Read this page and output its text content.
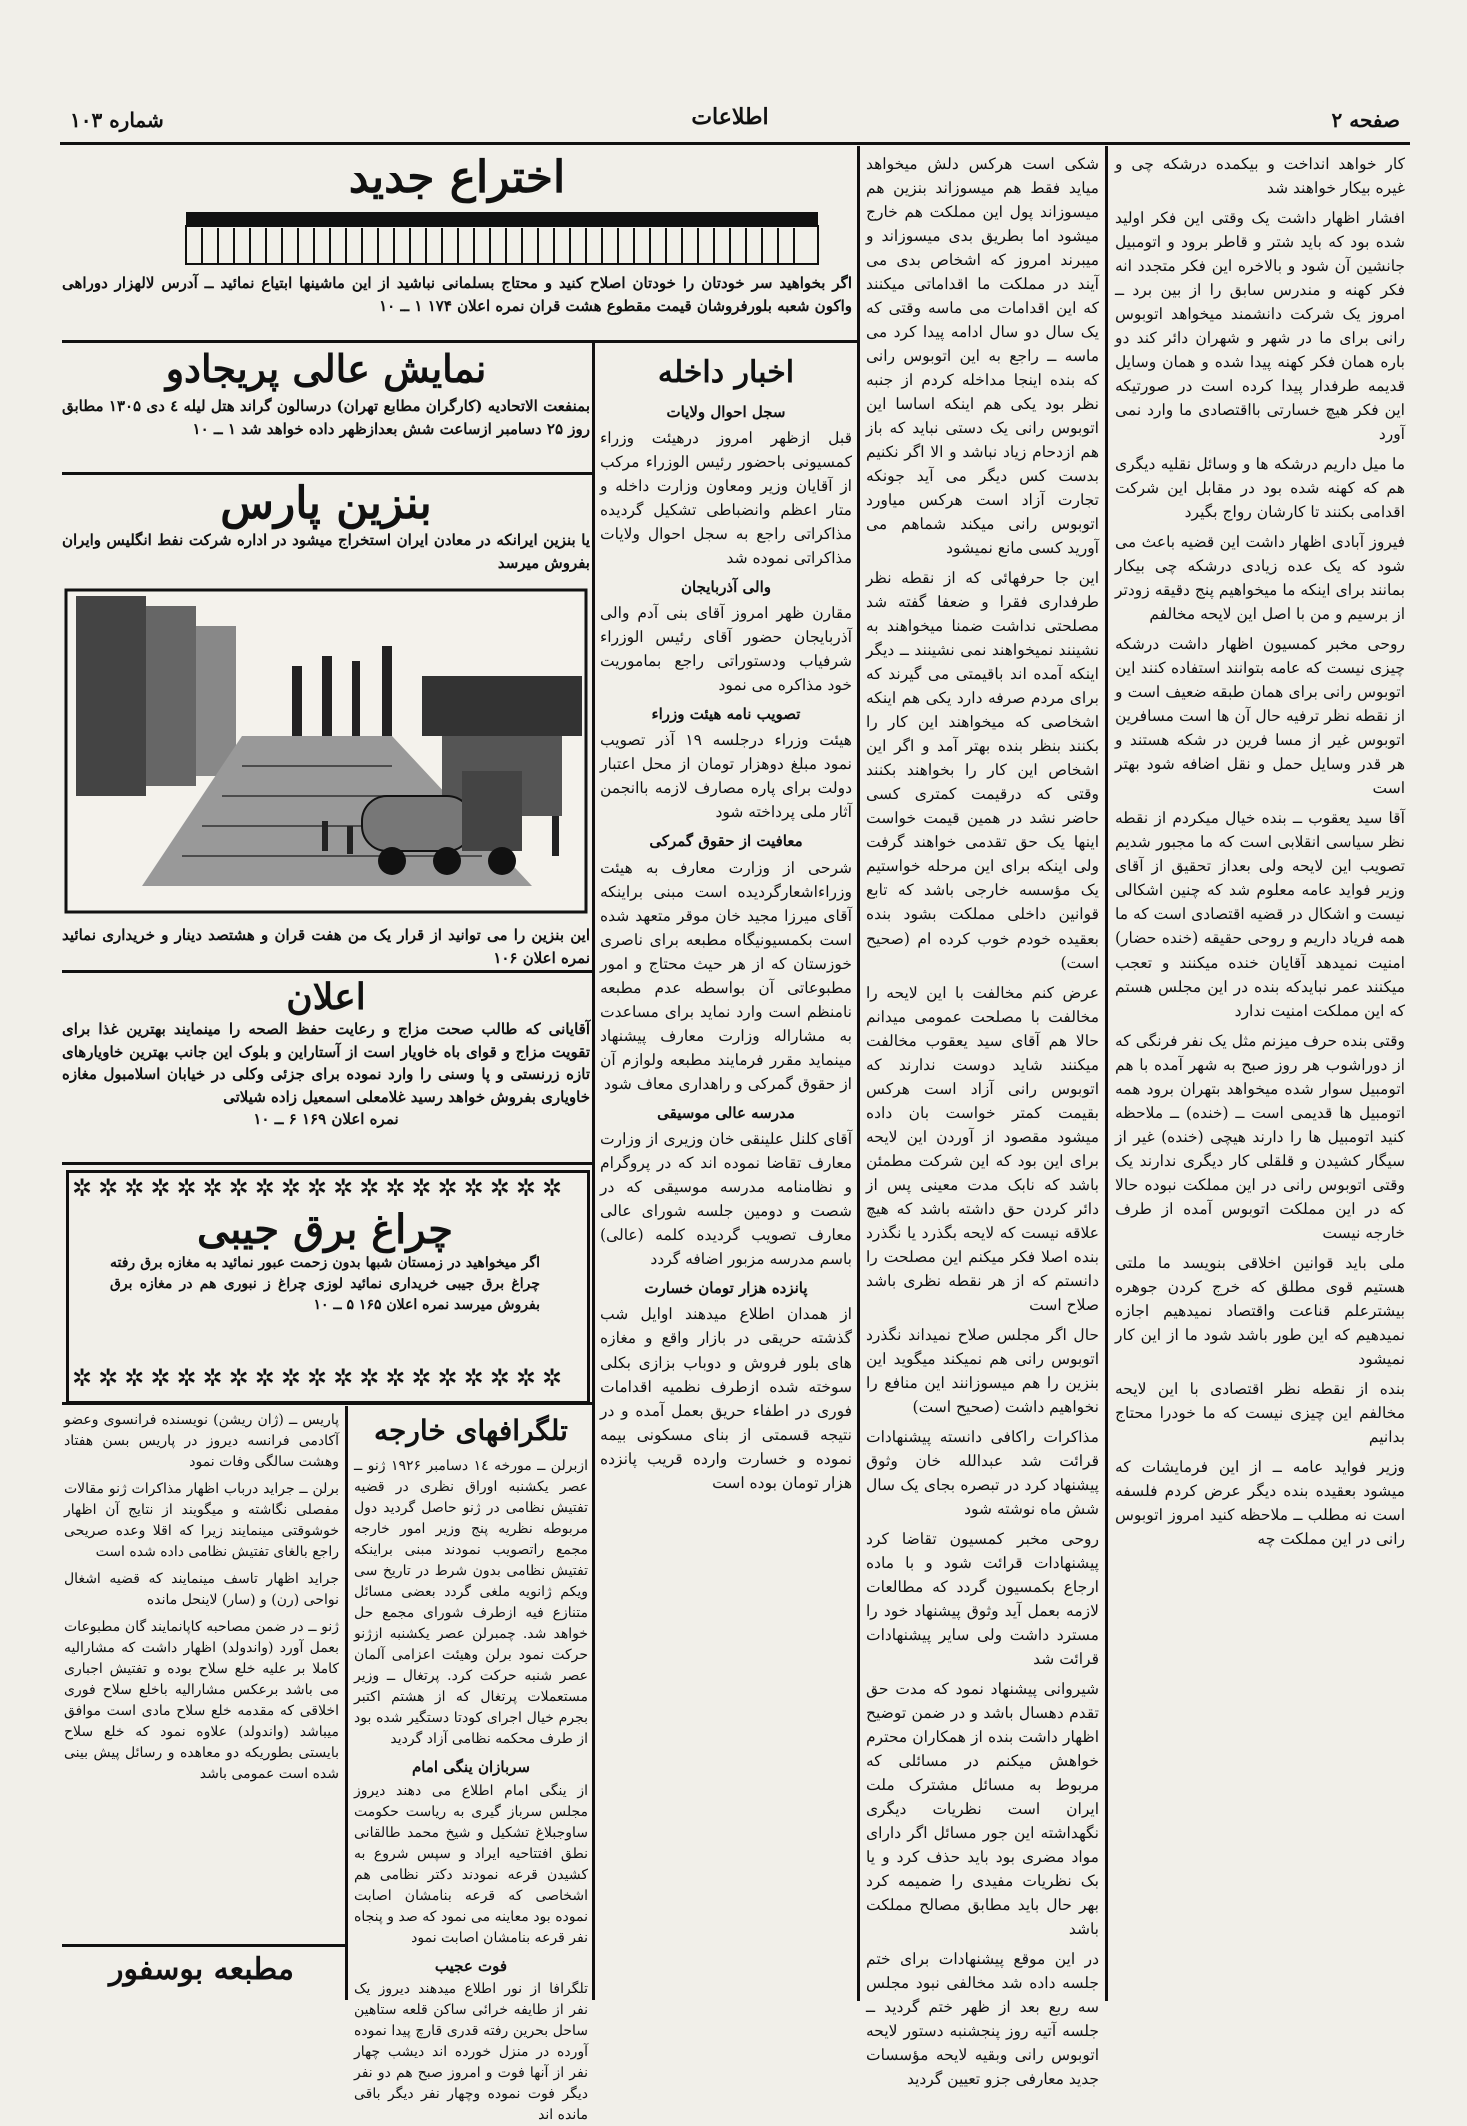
شماره ۱۰۳	اطلاعات	صفحه ۲

کار خواهد انداخت و بیکمده درشکه چی و غیره بیکار خواهند شد

افشار اظهار داشت یک وقتی این فکر اولید شده بود که باید شتر و قاطر برود و اتومبیل جانشین آن شود و بالاخره این فکر متجدد انه فکر کهنه و مندرس سابق را از بین برد ــ امروز یک شرکت دانشمند میخواهد اتوبوس رانی برای ما در شهر و شهران دائر کند دو باره همان فکر کهنه پیدا شده و همان وسایل قدیمه طرفدار پیدا کرده است در صورتیکه این فکر هیچ خسارتی بااقتصادی ما وارد نمی آورد

ما میل داریم درشکه ها و وسائل نقلیه دیگری هم که کهنه شده بود در مقابل این شرکت اقدامی بکنند تا کارشان رواج بگیرد

فیروز آبادی اظهار داشت این قضیه باعث می شود که یک عده زیادی درشکه چی بیکار بمانند برای اینکه ما میخواهیم پنج دقیقه زودتر از برسیم و من با اصل این لایحه مخالفم

روحی مخبر کمسیون اظهار داشت درشکه چیزی نیست که عامه بتوانند استفاده کنند این اتوبوس رانی برای همان طبقه ضعیف است و از نقطه نظر ترفیه حال آن ها است مسافرین اتوبوس غیر از مسا فرین در شکه هستند و هر قدر وسایل حمل و نقل اضافه شود بهتر است

آقا سید یعقوب ــ بنده خیال میکردم از نقطه نظر سیاسی انقلابی است که ما مجبور شدیم تصویب این لایحه ولی بعداز تحقیق از آقای وزیر فواید عامه معلوم شد که چنین اشکالی نیست و اشکال در قضیه اقتصادی است که ما همه فریاد داریم و روحی حقیقه (خنده حضار) امنیت نمیدهد آقایان خنده میکنند و تعجب میکنند عمر نبایدکه بنده در این مجلس هستم که این مملکت امنیت ندارد

وقتی بنده حرف میزنم مثل یک نفر فرنگی که از دوراشوب هر روز صبح به شهر آمده با هم اتومبیل سوار شده میخواهد بتهران برود همه اتومبیل ها قدیمی است ــ (خنده) ــ ملاحظه کنید اتومبیل ها را دارند هیچی (خنده) غیر از سیگار کشیدن و قلقلی کار دیگری ندارند یک وقتی اتوبوس رانی در این مملکت نبوده حالا که در این مملکت اتوبوس آمده از طرف خارجه نیست

ملی باید قوانین اخلاقی بنویسد ما ملتی هستیم قوی مطلق که خرج کردن جوهره بیشترعلم قناعت واقتصاد نمیدهیم اجازه نمیدهیم که این طور باشد شود ما از این کار نمیشود

بنده از نقطه نظر اقتصادی با این لایحه مخالفم این چیزی نیست که ما خودرا محتاج بدانیم

وزیر فواید عامه ــ از این فرمایشات که میشود بعقیده بنده دیگر عرض کردم فلسفه است نه مطلب ــ ملاحظه کنید امروز اتوبوس رانی در این مملکت چه

شکی است هرکس دلش میخواهد میاید فقط هم میسوزاند بنزین هم میسوزاند پول این مملکت هم خارج میشود اما بطریق بدی میسوزاند و میبرند امروز که اشخاص بدی می آیند در مملکت ما اقداماتی میکنند که این اقدامات می ماسه وقتی که یک سال دو سال ادامه پیدا کرد می ماسه ــ راجع به این اتوبوس رانی که بنده اینجا مداخله کردم از جنبه نظر بود یکی هم اینکه اساسا این اتوبوس رانی یک دستی نباید که باز هم ازدحام زیاد نباشد و الا اگر نکنیم بدست کس دیگر می آید جونکه تجارت آزاد است هرکس میاورد اتوبوس رانی میکند شماهم می آورید کسی مانع نمیشود

این جا حرفهائی که از نقطه نظر طرفداری فقرا و ضعفا گفته شد مصلحتی نداشت ضمنا میخواهند به نشینند نمیخواهند نمی نشینند ــ دیگر اینکه آمده اند باقیمتی می گیرند که برای مردم صرفه دارد یکی هم اینکه اشخاصی که میخواهند این کار را بکنند بنظر بنده بهتر آمد و اگر این اشخاص این کار را بخواهند بکنند وقتی که درقیمت کمتری کسی حاضر نشد در همین قیمت خواست اینها یک حق تقدمی خواهند گرفت ولی اینکه برای این مرحله خواستیم یک مؤسسه خارجی باشد که تابع قوانین داخلی مملکت بشود بنده بعقیده خودم خوب کرده ام (صحیح است)

عرض کنم مخالفت با این لایحه را مخالفت با مصلحت عمومی میدانم حالا هم آقای سید یعقوب مخالفت میکنند شاید دوست ندارند که اتوبوس رانی آزاد است هرکس بقیمت کمتر خواست بان داده میشود مقصود از آوردن این لایحه برای این بود که این شرکت مطمئن باشد که نابک مدت معینی پس از دائر کردن حق داشته باشد که هیچ علاقه نیست که لایحه بگذرد یا نگذرد بنده اصلا فکر میکنم این مصلحت را دانستم که از هر نقطه نظری باشد صلاح است

حال اگر مجلس صلاح نمیداند نگذرد اتوبوس رانی هم نمیکند میگوید این بنزین را هم میسوزانند این منافع را نخواهیم داشت (صحیح است)

مذاکرات راکافی دانسته پیشنهادات قرائت شد عبدالله خان وثوق پیشنهاد کرد در تبصره بجای یک سال شش ماه نوشته شود

روحی مخبر کمسیون تقاضا کرد پیشنهادات قرائت شود و با ماده ارجاع بکمسیون گردد که مطالعات لازمه بعمل آید وثوق پیشنهاد خود را مسترد داشت ولی سایر پیشنهادات قرائت شد

شیروانی پیشنهاد نمود که مدت حق تقدم دهسال باشد و در ضمن توضیح اظهار داشت بنده از همکاران محترم خواهش میکنم در مسائلی که مربوط به مسائل مشترک ملت ایران است نظریات دیگری نگهداشته این جور مسائل اگر دارای مواد مضری بود باید حذف کرد و یا بک نظریات مفیدی را ضمیمه کرد بهر حال باید مطابق مصالح مملکت باشد

در این موقع پیشنهادات برای ختم جلسه داده شد مخالفی نبود مجلس سه ربع بعد از ظهر ختم گردید ــ جلسه آتیه روز پنجشنبه دستور لایحه اتوبوس رانی وبقیه لایحه مؤسسات جدید معارفی جزو تعیین گردید

اختراع جدید
اگر بخواهید سر خودتان را خودتان اصلاح کنید و محتاج بسلمانی نباشید از این ماشینها ابتیاع نمائید ــ آدرس لالهزار دوراهی واکون شعبه بلورفروشان قیمت مقطوع هشت قران نمره اعلان ۱۷۴ ۱ ــ ۱۰
نمایش عالی پریجادو
بمنفعت الاتحادیه (کارگران مطابع تهران) درسالون گراند هتل لیله ٤ دی ۱۳۰۵ مطابق روز ۲۵ دسامبر ازساعت شش بعدازظهر داده خواهد شد ۱ ــ ۱۰
بنزین پارس
یا بنزین ایرانکه در معادن ایران استخراج میشود در اداره شرکت نفط انگلیس وایران بفروش میرسد
این بنزین را می توانید از قرار یک من هفت قران و هشتصد دینار و خریداری نمائید نمره اعلان ۱۰۶
اعلان
آقایانی که طالب صحت مزاج و رعایت حفظ الصحه را مینمایند بهترین غذا برای تقویت مزاج و قوای باه خاویار است از آستاراین و بلوک این جانب بهترین خاویارهای تازه زرنستی و پا وسنی را وارد نموده برای جزئی وکلی در خیابان اسلامبول مغازه خاویاری بفروش خواهد رسید غلامعلی اسمعیل زاده شیلاتی
نمره اعلان ۱۶۹ ۶ ــ ۱۰
✲✲✲✲✲✲✲✲✲✲✲✲✲✲✲✲✲✲✲
✲✲✲✲✲✲✲✲✲✲✲✲✲✲✲✲✲✲✲
چراغ برق جیبی
اگر میخواهید در زمستان شبها بدون زحمت عبور نمائید به مغازه برق رفته چراغ برق جیبی خریداری نمائید لوزی چراغ ز نبوری هم در مغازه برق بفروش میرسد نمره اعلان ۱۶۵ ۵ ــ ۱۰
اخبار داخله
سجل احوال ولایات

قبل ازظهر امروز درهیئت وزراء کمسیونی باحضور رئیس الوزراء مرکب از آقایان وزیر ومعاون وزارت داخله و متار اعظم وانضباطی تشکیل گردیده مذاکراتی راجع به سجل احوال ولایات مذاکراتی نموده شد

والی آذربایجان

مقارن ظهر امروز آقای بنی آدم والی آذربایجان حضور آقای رئیس الوزراء شرفیاب ودستوراتی راجع بماموریت خود مذاکره می نمود

تصویب نامه هیئت وزراء

هیئت وزراء درجلسه ۱۹ آذر تصویب نمود مبلغ دوهزار تومان از محل اعتبار دولت برای پاره مصارف لازمه باانجمن آثار ملی پرداخته شود

معافیت از حقوق گمرکی

شرحی از وزارت معارف به هیئت وزراءاشعارگردیده است مبنی براینکه آقای میرزا مجید خان موقر متعهد شده است بکمسیونیگاه مطبعه برای ناصری خوزستان که از هر حیث محتاج و امور مطبوعاتی آن بواسطه عدم مطبعه نامنظم است وارد نماید برای مساعدت به مشاراله وزارت معارف پیشنهاد مینماید مقرر فرمایند مطبعه ولوازم آن از حقوق گمرکی و راهداری معاف شود

مدرسه عالی موسیقی

آقای کلنل علینقی خان وزیری از وزارت معارف تقاضا نموده اند که در پروگرام و نظامنامه مدرسه موسیقی که در شصت و دومین جلسه شورای عالی معارف تصویب گردیده کلمه (عالی) باسم مدرسه مزبور اضافه گردد

پانزده هزار تومان خسارت

از همدان اطلاع میدهند اوایل شب گذشته حریقی در بازار واقع و مغازه های بلور فروش و دوباب بزازی بکلی سوخته شده ازطرف نظمیه اقدامات فوری در اطفاء حریق بعمل آمده و در نتیجه قسمتی از بنای مسکونی بیمه نموده و خسارت وارده قریب پانزده هزار تومان بوده است

تلگرافهای خارجه

ازبرلن ــ مورخه ۱٤ دسامبر ۱۹۲۶ ژنو ــ عصر یکشنبه اوراق نظری در قضیه تفتیش نظامی در ژنو حاصل گردید دول مربوطه نظریه پنج وزیر امور خارجه مجمع راتصویب نمودند مبنی براینکه تفتیش نظامی بدون شرط در تاریخ سی ویکم ژانویه ملغی گردد بعضی مسائل متنازع فیه ازطرف شورای مجمع حل خواهد شد. چمبرلن عصر یکشنبه ازژنو حرکت نمود برلن وهیئت اعزامی آلمان عصر شنبه حرکت کرد. پرتغال ــ وزیر مستعملات پرتغال که از هشتم اکتبر بجرم خیال اجرای کودتا دستگیر شده بود از طرف محکمه نظامی آزاد گردید

سربازان ینگی امام

از ینگی امام اطلاع می دهند دیروز مجلس سرباز گیری به ریاست حکومت ساوجبلاغ تشکیل و شیخ محمد طالقانی نطق افتتاحیه ایراد و سپس شروع به کشیدن قرعه نمودند دکتر نظامی هم اشخاصی که قرعه بنامشان اصابت نموده بود معاینه می نمود که صد و پنجاه نفر قرعه بنامشان اصابت نمود

فوت عجیب

تلگرافا از نور اطلاع میدهند دیروز یک نفر از طایفه خرائی ساکن قلعه ستاهین ساحل بحرین رفته قدری قارچ پیدا نموده آورده در منزل خورده اند دیشب چهار نفر از آنها فوت و امروز صبح هم دو نفر دیگر فوت نموده وچهار نفر دیگر باقی مانده اند

پاریس ــ (ژان ریشن) نویسنده فرانسوی وعضو آکادمی فرانسه دیروز در پاریس بسن هفتاد وهشت سالگی وفات نمود

برلن ــ جراید درباب اظهار مذاکرات ژنو مقالات مفصلی نگاشته و میگویند از نتایج آن اظهار خوشوقتی مینمایند زیرا که اقلا وعده صریحی راجع بالغای تفتیش نظامی داده شده است

جراید اظهار تاسف مینمایند که قضیه اشغال نواحی (رن) و (سار) لاینحل مانده

ژنو ــ در ضمن مصاحبه کاپانمایند گان مطبوعات بعمل آورد (واندولد) اظهار داشت که مشاراليه کاملا بر علیه خلع سلاح بوده و تفتیش اجباری می باشد برعکس مشاراليه باخلع سلاح فوری اخلاقی که مقدمه خلع سلاح مادی است موافق میباشد (واندولد) علاوه نمود که خلع سلاح بایستی بطوریکه دو معاهده و رسائل پیش بینی شده است عمومی باشد

مطبعه بوسفور
